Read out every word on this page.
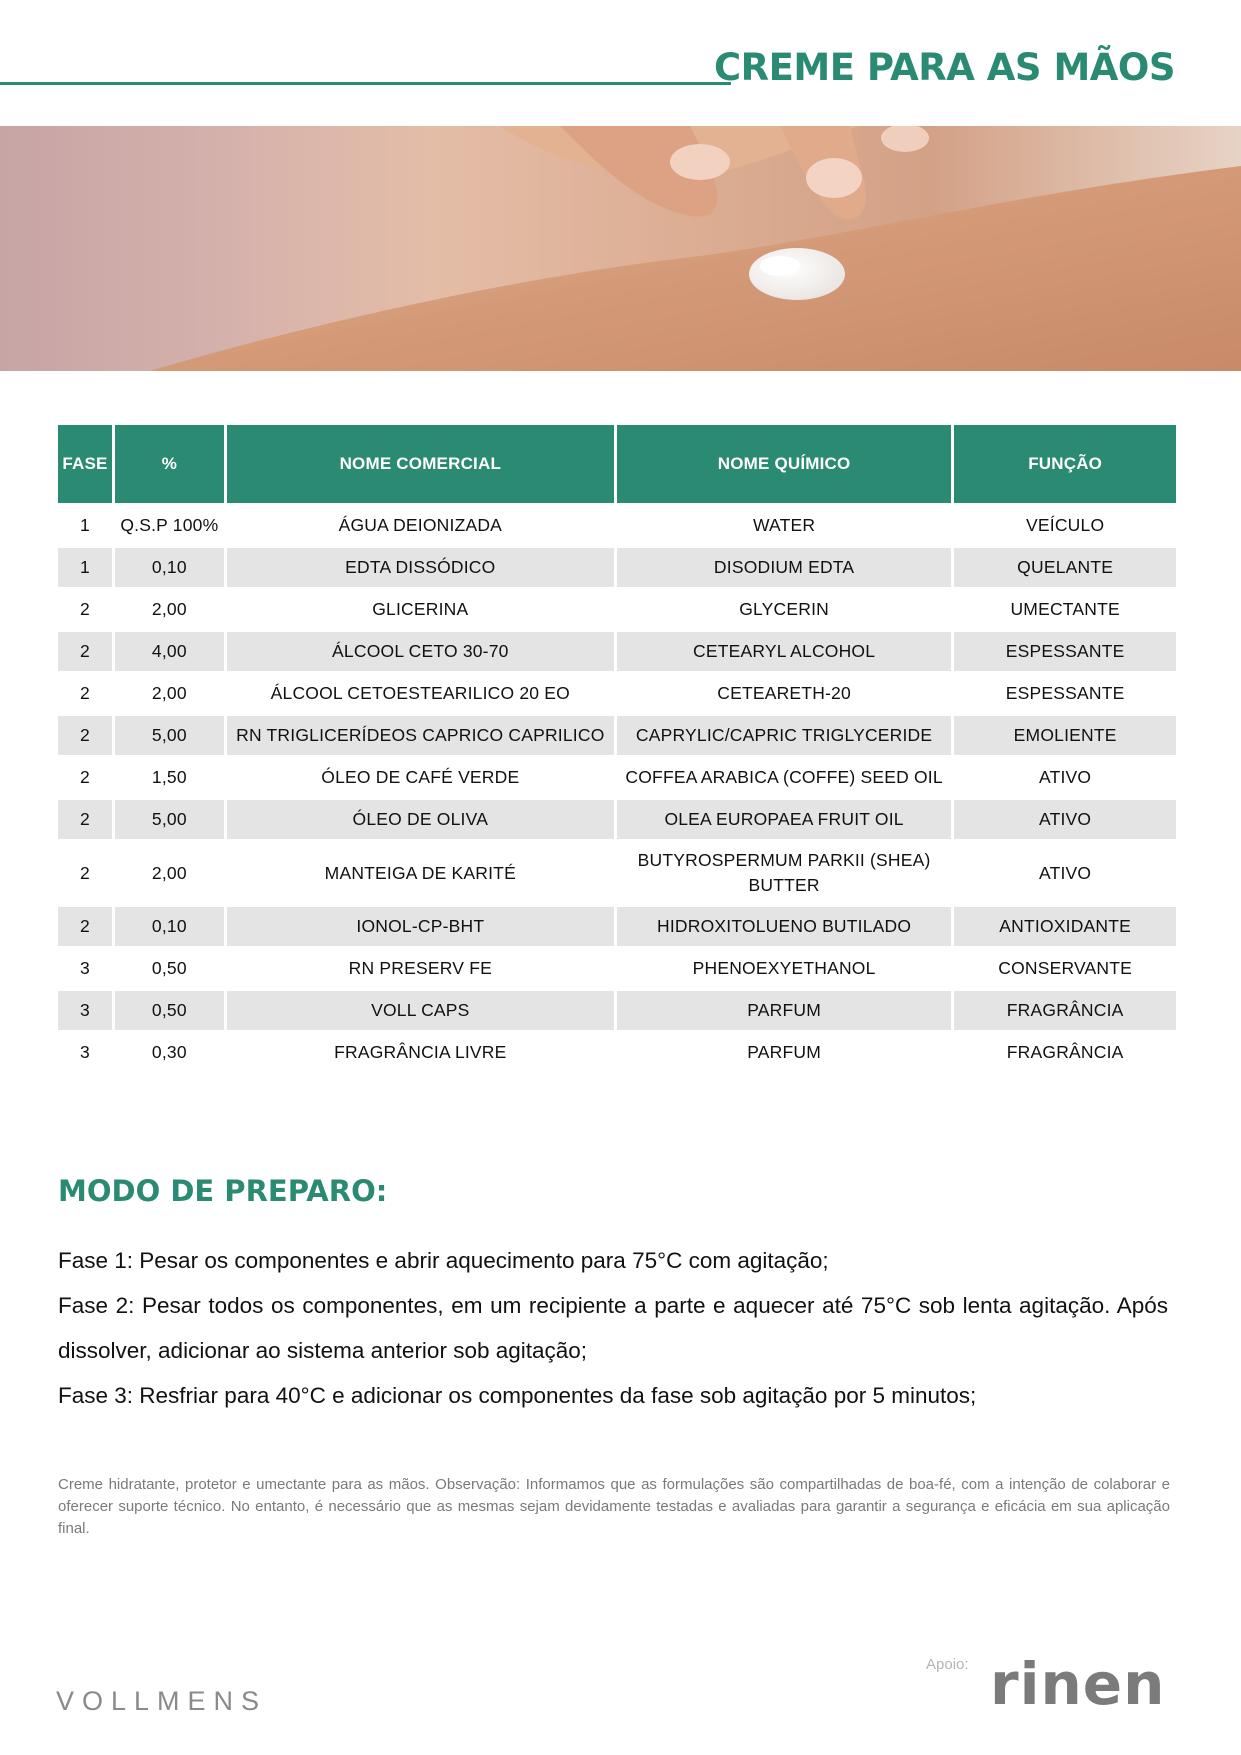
CREME PARA AS MÃOS
FASE	%	NOME COMERCIAL	NOME QUÍMICO	FUNÇÃO
1	Q.S.P 100%	ÁGUA DEIONIZADA	WATER	VEÍCULO
1	0,10	EDTA DISSÓDICO	DISODIUM EDTA	QUELANTE
2	2,00	GLICERINA	GLYCERIN	UMECTANTE
2	4,00	ÁLCOOL CETO 30-70	CETEARYL ALCOHOL	ESPESSANTE
2	2,00	ÁLCOOL CETOESTEARILICO 20 EO	CETEARETH-20	ESPESSANTE
2	5,00	RN TRIGLICERÍDEOS CAPRICO CAPRILICO	CAPRYLIC/CAPRIC TRIGLYCERIDE	EMOLIENTE
2	1,50	ÓLEO DE CAFÉ VERDE	COFFEA ARABICA (COFFE) SEED OIL	ATIVO
2	5,00	ÓLEO DE OLIVA	OLEA EUROPAEA FRUIT OIL	ATIVO
2	2,00	MANTEIGA DE KARITÉ	BUTYROSPERMUM PARKII (SHEA) BUTTER	ATIVO
2	0,10	IONOL-CP-BHT	HIDROXITOLUENO BUTILADO	ANTIOXIDANTE
3	0,50	RN PRESERV FE	PHENOEXYETHANOL	CONSERVANTE
3	0,50	VOLL CAPS	PARFUM	FRAGRÂNCIA
3	0,30	FRAGRÂNCIA LIVRE	PARFUM	FRAGRÂNCIA
MODO DE PREPARO:
Fase 1: Pesar os componentes e abrir aquecimento para 75°C com agitação;
Fase 2: Pesar todos os componentes, em um recipiente a parte e aquecer até 75°C sob lenta agitação. Após dissolver, adicionar ao sistema anterior sob agitação;
Fase 3: Resfriar para 40°C e adicionar os componentes da fase sob agitação por 5 minutos;

Creme hidratante, protetor e umectante para as mãos. Observação: Informamos que as formulações são compartilhadas de boa-fé, com a intenção de colaborar e oferecer suporte técnico. No entanto, é necessário que as mesmas sejam devidamente testadas e avaliadas para garantir a segurança e eficácia em sua aplicação final.

VOLLMENS
Apoio: rinen
